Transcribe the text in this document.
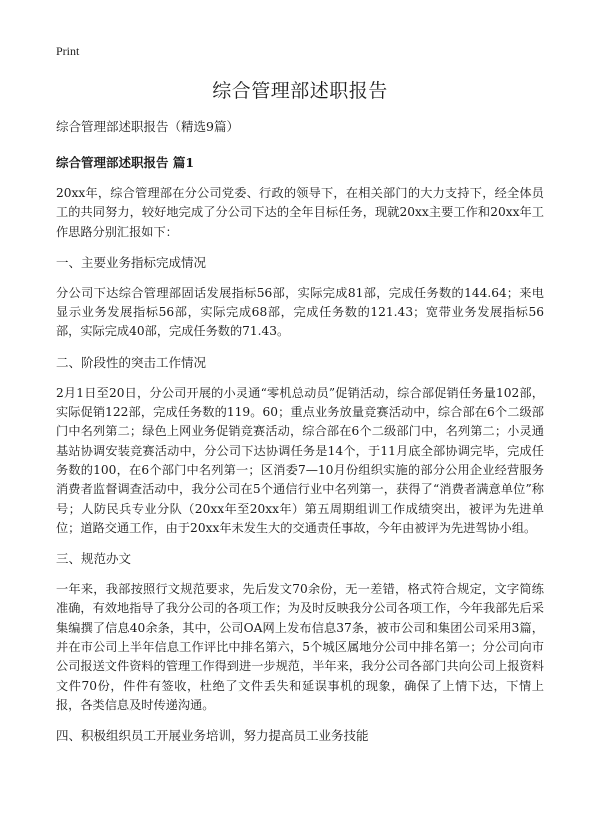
Print
综合管理部述职报告
综合管理部述职报告（精选9篇）
综合管理部述职报告 篇1

20xx年，综合管理部在分公司党委、行政的领导下，在相关部门的大力支持下，经全体员工的共同努力，较好地完成了分公司下达的全年目标任务，现就20xx主要工作和20xx年工作思路分别汇报如下：

一、主要业务指标完成情况

分公司下达综合管理部固话发展指标56部，实际完成81部，完成任务数的144.64；来电显示业务发展指标56部，实际完成68部，完成任务数的121.43；宽带业务发展指标56部，实际完成40部，完成任务数的71.43。

二、阶段性的突击工作情况

2月1日至20日，分公司开展的小灵通“零机总动员”促销活动，综合部促销任务量102部，实际促销122部，完成任务数的119。60；重点业务放量竞赛活动中，综合部在6个二级部门中名列第二；绿色上网业务促销竞赛活动，综合部在6个二级部门中，名列第二；小灵通基站协调安装竞赛活动中，分公司下达协调任务是14个，于11月底全部协调完毕，完成任务数的100，在6个部门中名列第一；区消委7—10月份组织实施的部分公用企业经营服务消费者监督调查活动中，我分公司在5个通信行业中名列第一，获得了“消费者满意单位”称号；人防民兵专业分队（20xx年至20xx年）第五周期组训工作成绩突出，被评为先进单位；道路交通工作，由于20xx年未发生大的交通责任事故，今年由被评为先进驾协小组。

三、规范办文

一年来，我部按照行文规范要求，先后发文70余份，无一差错，格式符合规定，文字简练准确，有效地指导了我分公司的各项工作；为及时反映我分公司各项工作，今年我部先后采集编撰了信息40余条，其中，公司OA网上发布信息37条，被市公司和集团公司采用3篇，并在市公司上半年信息工作评比中排名第六，5个城区属地分公司中排名第一；分公司向市公司报送文件资料的管理工作得到进一步规范，半年来，我分公司各部门共向公司上报资料文件70份，件件有签收，杜绝了文件丢失和延误事机的现象，确保了上情下达，下情上报，各类信息及时传递沟通。

四、积极组织员工开展业务培训，努力提高员工业务技能
